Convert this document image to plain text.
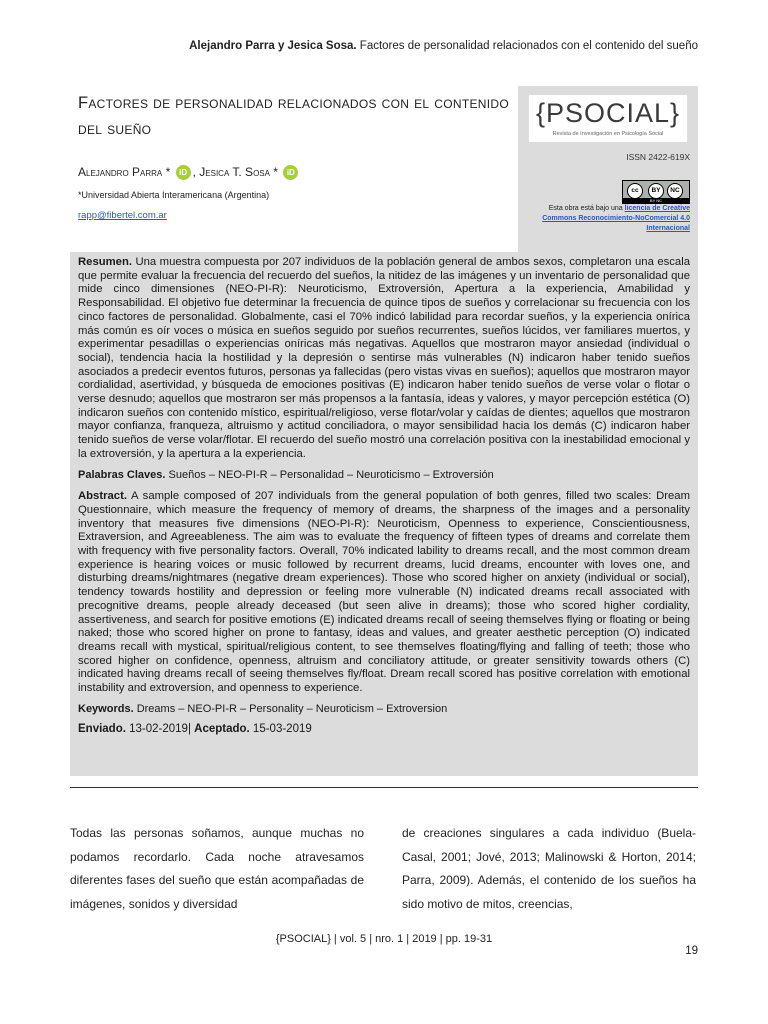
Alejandro Parra y Jesica Sosa. Factores de personalidad relacionados con el contenido del sueño
Factores de personalidad relacionados con el contenido del sueño
Alejandro Parra * iD , Jesica T. Sosa * iD
*Universidad Abierta Interamericana (Argentina)
rapp@fibertel.com.ar
{PSOCIAL}
Revista de Investigación en Psicología Social
ISSN 2422-619X
cc	BY	NC
BY NC
Esta obra está bajo una licencia de Creative Commons Reconocimiento-NoComercial 4.0 Internacional

Resumen. Una muestra compuesta por 207 individuos de la población general de ambos sexos, completaron una escala que permite evaluar la frecuencia del recuerdo del sueños, la nitidez de las imágenes y un inventario de personalidad que mide cinco dimensiones (NEO-PI-R): Neuroticismo, Extroversión, Apertura a la experiencia, Amabilidad y Responsabilidad. El objetivo fue determinar la frecuencia de quince tipos de sueños y correlacionar su frecuencia con los cinco factores de personalidad. Globalmente, casi el 70% indicó labilidad para recordar sueños, y la experiencia onírica más común es oír voces o música en sueños seguido por sueños recurrentes, sueños lúcidos, ver familiares muertos, y experimentar pesadillas o experiencias oníricas más negativas. Aquellos que mostraron mayor ansiedad (individual o social), tendencia hacia la hostilidad y la depresión o sentirse más vulnerables (N) indicaron haber tenido sueños asociados a predecir eventos futuros, personas ya fallecidas (pero vistas vivas en sueños); aquellos que mostraron mayor cordialidad, asertividad, y búsqueda de emociones positivas (E) indicaron haber tenido sueños de verse volar o flotar o verse desnudo; aquellos que mostraron ser más propensos a la fantasía, ideas y valores, y mayor percepción estética (O) indicaron sueños con contenido místico, espiritual/religioso, verse flotar/volar y caídas de dientes; aquellos que mostraron mayor confianza, franqueza, altruismo y actitud conciliadora, o mayor sensibilidad hacia los demás (C) indicaron haber tenido sueños de verse volar/flotar. El recuerdo del sueño mostró una correlación positiva con la inestabilidad emocional y la extroversión, y la apertura a la experiencia.

Palabras Claves. Sueños – NEO-PI-R – Personalidad – Neuroticismo – Extroversión

Abstract. A sample composed of 207 individuals from the general population of both genres, filled two scales: Dream Questionnaire, which measure the frequency of memory of dreams, the sharpness of the images and a personality inventory that measures five dimensions (NEO-PI-R): Neuroticism, Openness to experience, Conscientiousness, Extraversion, and Agreeableness. The aim was to evaluate the frequency of fifteen types of dreams and correlate them with frequency with five personality factors. Overall, 70% indicated lability to dreams recall, and the most common dream experience is hearing voices or music followed by recurrent dreams, lucid dreams, encounter with loves one, and disturbing dreams/nightmares (negative dream experiences). Those who scored higher on anxiety (individual or social), tendency towards hostility and depression or feeling more vulnerable (N) indicated dreams recall associated with precognitive dreams, people already deceased (but seen alive in dreams); those who scored higher cordiality, assertiveness, and search for positive emotions (E) indicated dreams recall of seeing themselves flying or floating or being naked; those who scored higher on prone to fantasy, ideas and values, and greater aesthetic perception (O) indicated dreams recall with mystical, spiritual/religious content, to see themselves floating/flying and falling of teeth; those who scored higher on confidence, openness, altruism and conciliatory attitude, or greater sensitivity towards others (C) indicated having dreams recall of seeing themselves fly/float. Dream recall scored has positive correlation with emotional instability and extroversion, and openness to experience.

Keywords. Dreams – NEO-PI-R – Personality – Neuroticism – Extroversion

Enviado. 13-02-2019| Aceptado. 15-03-2019

Todas las personas soñamos, aunque muchas no podamos recordarlo. Cada noche atravesamos diferentes fases del sueño que están acompañadas de imágenes, sonidos y diversidad
de creaciones singulares a cada individuo (Buela-Casal, 2001; Jové, 2013; Malinowski & Horton, 2014; Parra, 2009). Además, el contenido de los sueños ha sido motivo de mitos, creencias,
{PSOCIAL} | vol. 5 | nro. 1 | 2019 | pp. 19-31
19
